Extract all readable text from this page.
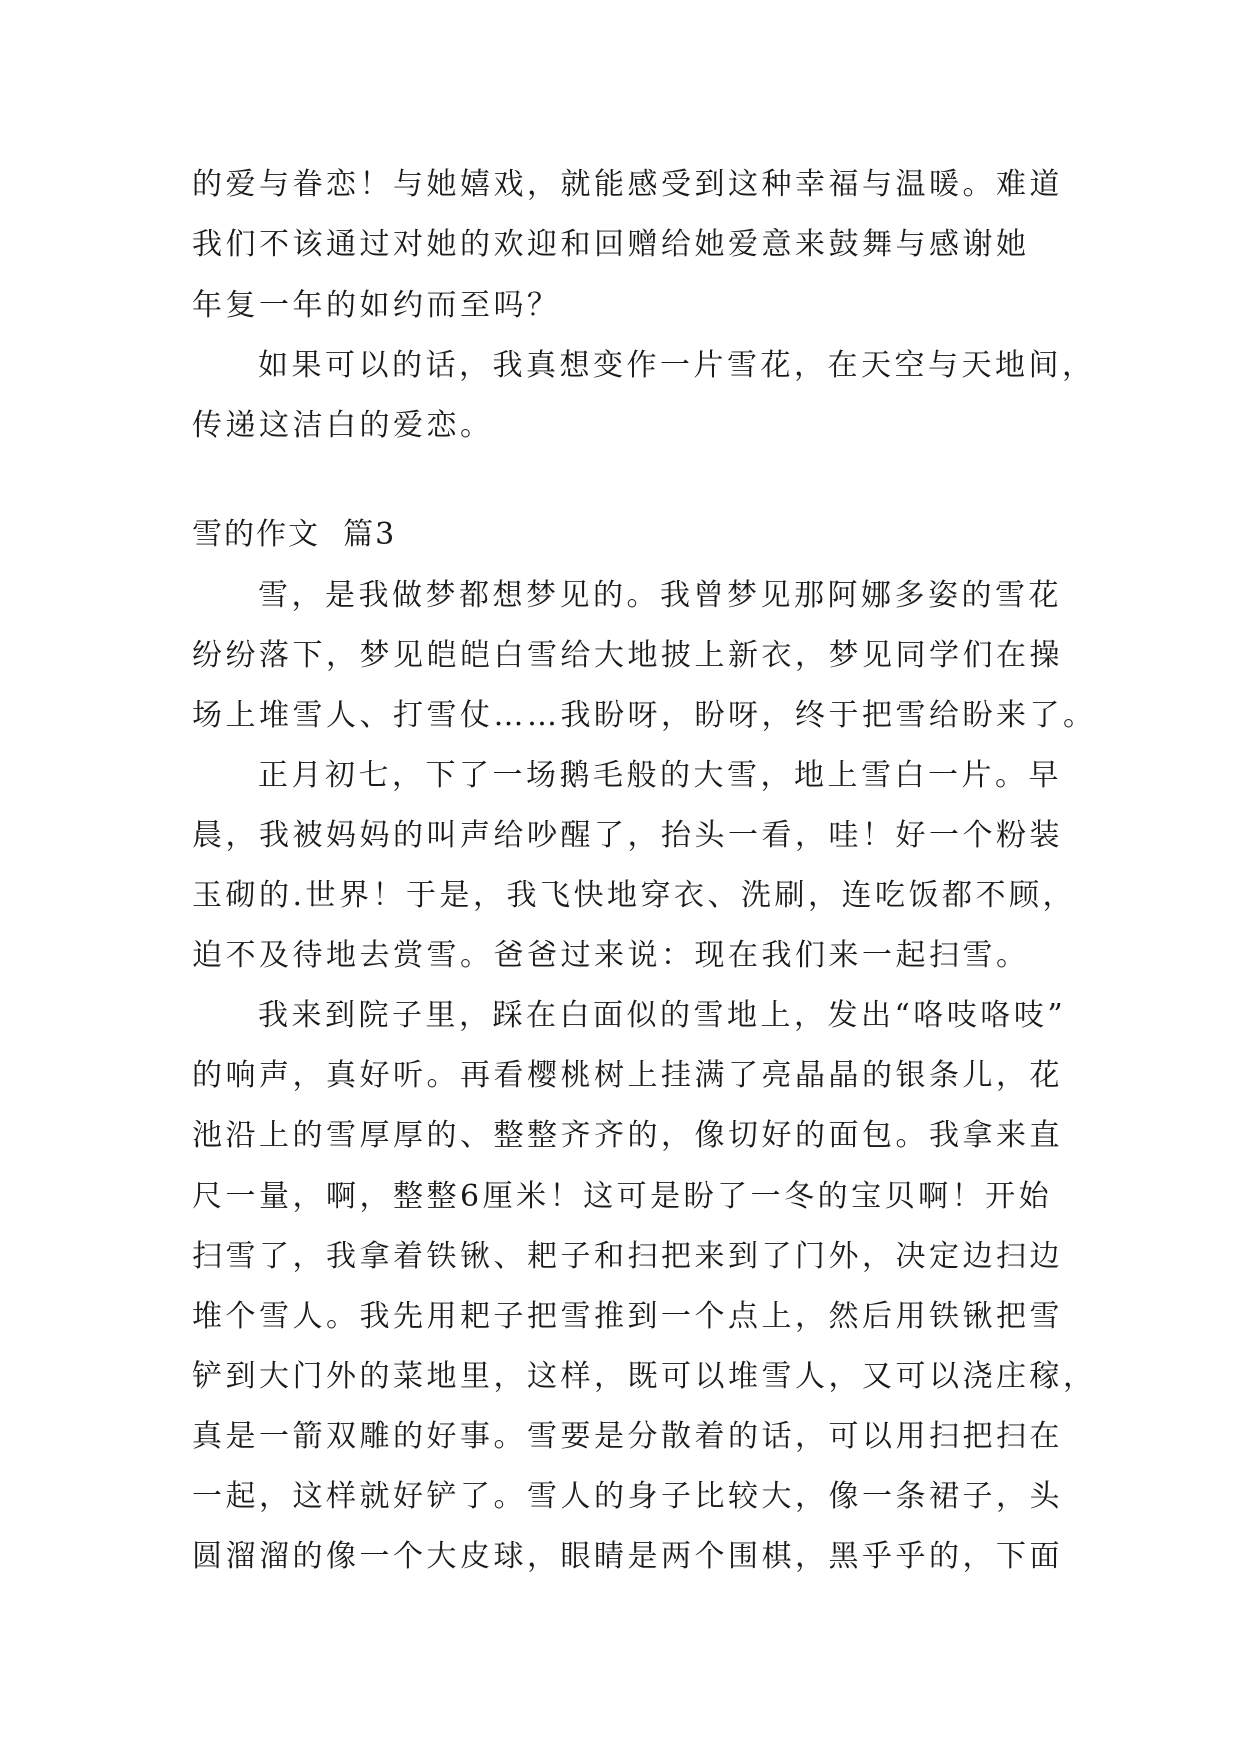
的爱与眷恋！与她嬉戏，就能感受到这种幸福与温暖。难道
我们不该通过对她的欢迎和回赠给她爱意来鼓舞与感谢她
年复一年的如约而至吗？
如果可以的话，我真想变作一片雪花，在天空与天地间，
传递这洁白的爱恋。
雪的作文  篇3
雪，是我做梦都想梦见的。我曾梦见那阿娜多姿的雪花
纷纷落下，梦见皑皑白雪给大地披上新衣，梦见同学们在操
场上堆雪人、打雪仗……我盼呀，盼呀，终于把雪给盼来了。
正月初七，下了一场鹅毛般的大雪，地上雪白一片。早
晨，我被妈妈的叫声给吵醒了，抬头一看，哇！好一个粉装
玉砌的.世界！于是，我飞快地穿衣、洗刷，连吃饭都不顾，
迫不及待地去赏雪。爸爸过来说：现在我们来一起扫雪。
我来到院子里，踩在白面似的雪地上，发出“咯吱咯吱”
的响声，真好听。再看樱桃树上挂满了亮晶晶的银条儿，花
池沿上的雪厚厚的、整整齐齐的，像切好的面包。我拿来直
尺一量，啊，整整6厘米！这可是盼了一冬的宝贝啊！开始
扫雪了，我拿着铁锹、耙子和扫把来到了门外，决定边扫边
堆个雪人。我先用耙子把雪推到一个点上，然后用铁锹把雪
铲到大门外的菜地里，这样，既可以堆雪人，又可以浇庄稼，
真是一箭双雕的好事。雪要是分散着的话，可以用扫把扫在
一起，这样就好铲了。雪人的身子比较大，像一条裙子，头
圆溜溜的像一个大皮球，眼睛是两个围棋，黑乎乎的，下面
